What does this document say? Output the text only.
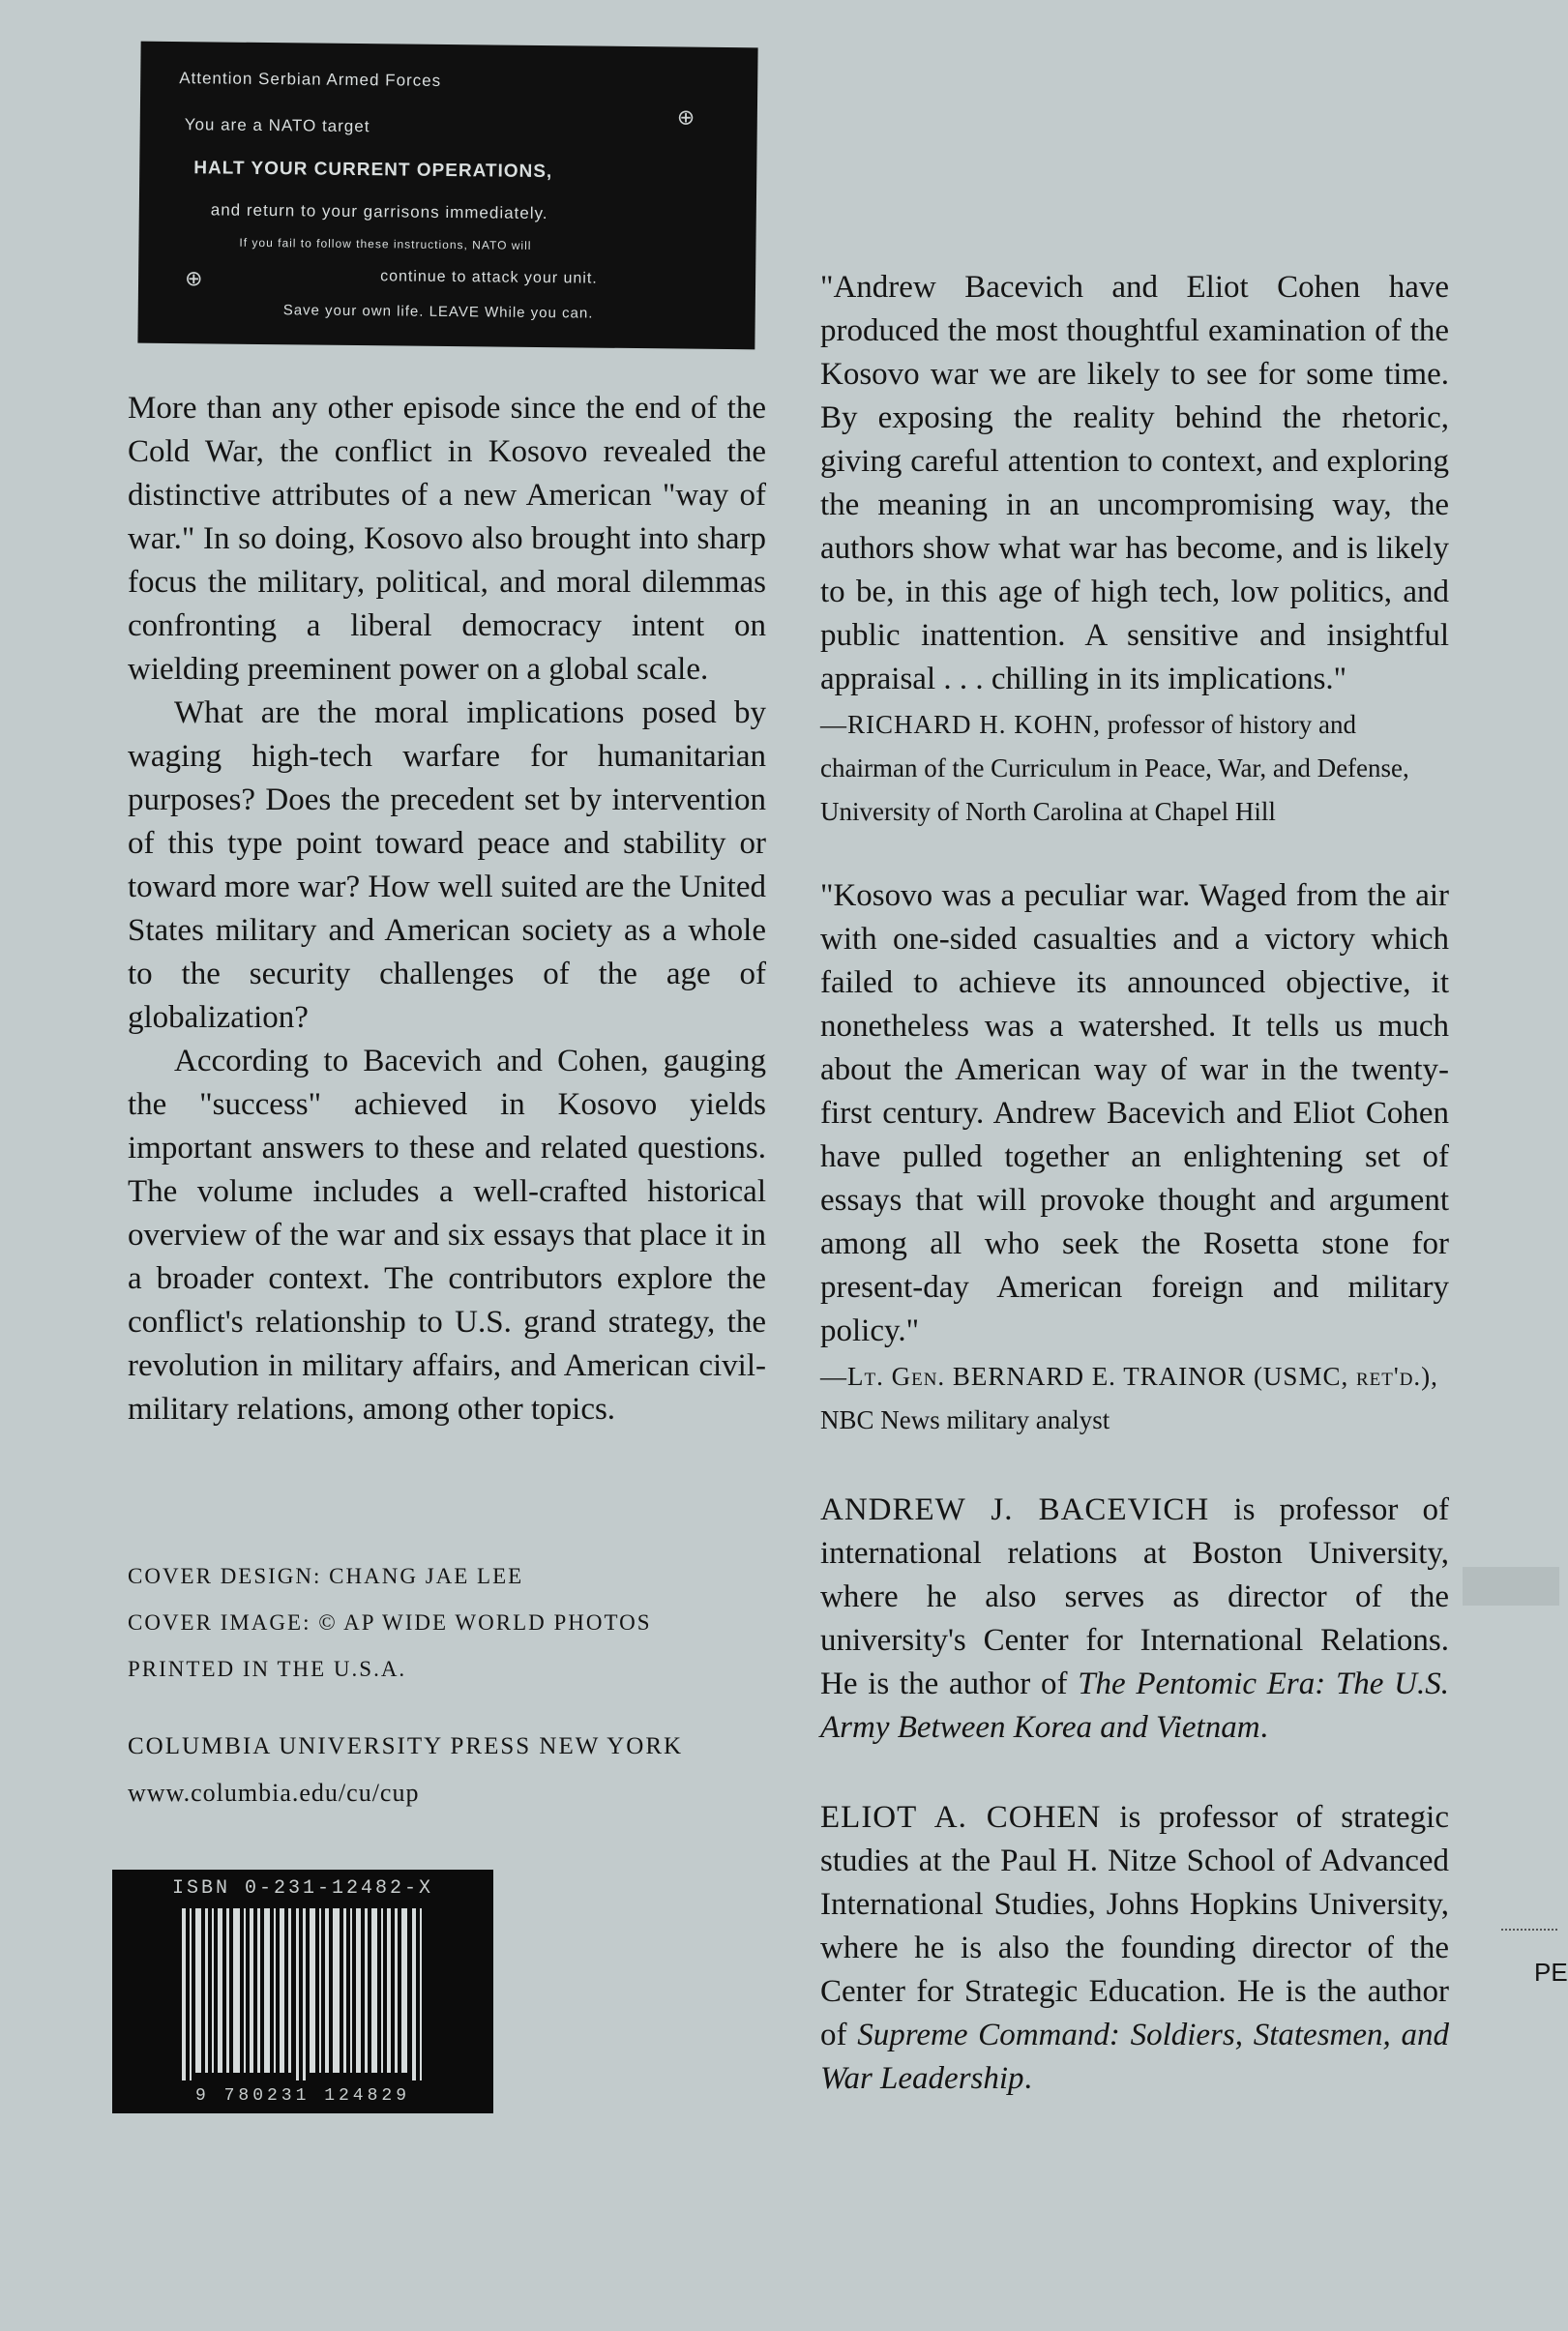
Attention Serbian Armed Forces
You are a NATO target
HALT YOUR CURRENT OPERATIONS,
and return to your garrisons immediately.
If you fail to follow these instructions, NATO will
continue to attack your unit.
Save your own life. LEAVE While you can.
⊕
⊕

More than any other episode since the end of the Cold War, the conflict in Kosovo revealed the distinctive attributes of a new American "way of war." In so doing, Kosovo also brought into sharp focus the military, political, and moral dilemmas confronting a liberal democracy intent on wielding preeminent power on a global scale.

What are the moral implications posed by waging high-tech warfare for humanitarian purposes? Does the precedent set by intervention of this type point toward peace and stability or toward more war? How well suited are the United States military and American society as a whole to the security challenges of the age of globalization?

According to Bacevich and Cohen, gauging the "success" achieved in Kosovo yields important answers to these and related questions. The volume includes a well-crafted historical overview of the war and six essays that place it in a broader context. The contributors explore the conflict's relationship to U.S. grand strategy, the revolution in military affairs, and American civil-military relations, among other topics.

COVER DESIGN: CHANG JAE LEE
COVER IMAGE: © AP WIDE WORLD PHOTOS
PRINTED IN THE U.S.A.
COLUMBIA UNIVERSITY PRESS NEW YORK
www.columbia.edu/cu/cup
ISBN 0-231-12482-X
9 780231 124829

"Andrew Bacevich and Eliot Cohen have produced the most thoughtful examination of the Kosovo war we are likely to see for some time. By exposing the reality behind the rhetoric, giving careful attention to context, and exploring the meaning in an uncompromising way, the authors show what war has become, and is likely to be, in this age of high tech, low politics, and public inattention. A sensitive and insightful appraisal . . . chilling in its implications."

—RICHARD H. KOHN, professor of history and chairman of the Curriculum in Peace, War, and Defense, University of North Carolina at Chapel Hill

"Kosovo was a peculiar war. Waged from the air with one-sided casualties and a victory which failed to achieve its announced objective, it nonetheless was a watershed. It tells us much about the American way of war in the twenty-first century. Andrew Bacevich and Eliot Cohen have pulled together an enlightening set of essays that will provoke thought and argument among all who seek the Rosetta stone for present-day American foreign and military policy."

—Lt. Gen. BERNARD E. TRAINOR (USMC, ret'd.), NBC News military analyst

ANDREW J. BACEVICH is professor of international relations at Boston University, where he also serves as director of the university's Center for International Relations. He is the author of The Pentomic Era: The U.S. Army Between Korea and Vietnam.

ELIOT A. COHEN is professor of strategic studies at the Paul H. Nitze School of Advanced International Studies, Johns Hopkins University, where he is also the founding director of the Center for Strategic Education. He is the author of Supreme Command: Soldiers, Statesmen, and War Leadership.

PE
